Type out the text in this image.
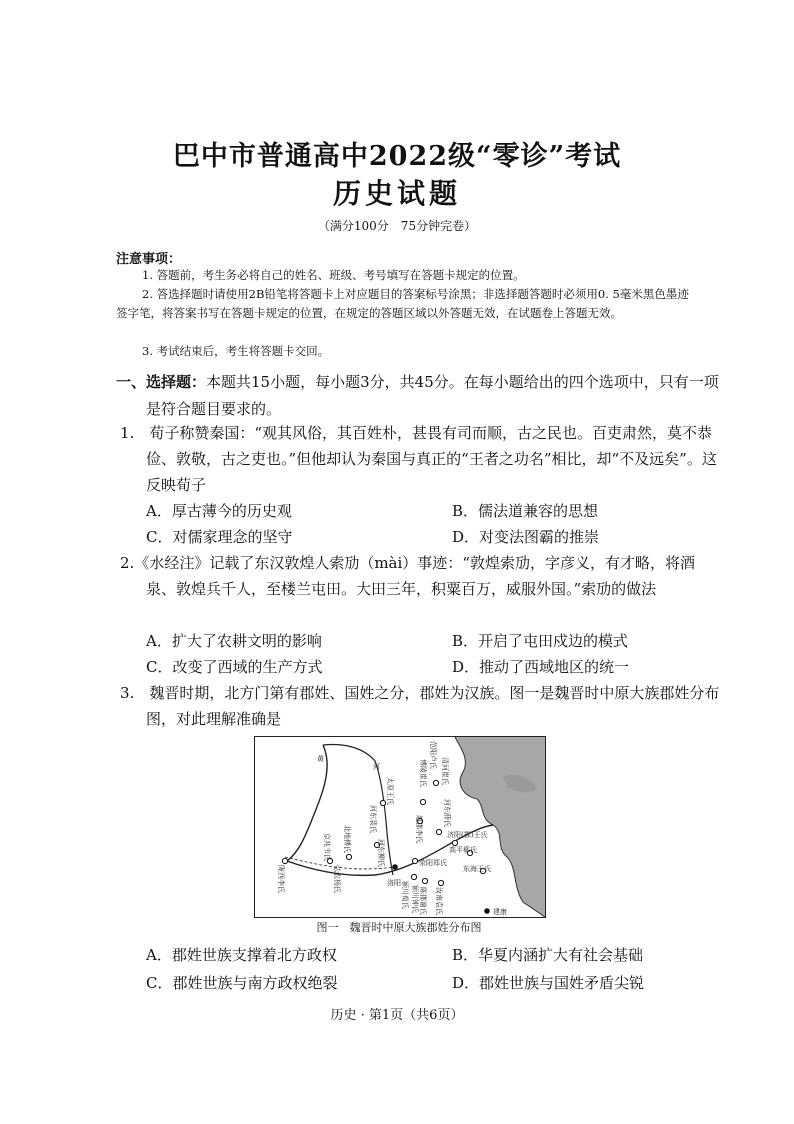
巴中市普通高中2022级“零诊”考试
历史试题
（满分100分　75分钟完卷）
注意事项：
1. 答题前，考生务必将自己的姓名、班级、考号填写在答题卡规定的位置。
2. 答选择题时请使用2B铅笔将答题卡上对应题目的答案标号涂黑；非选择题答题时必须用0. 5毫米黑色墨迹签字笔，将答案书写在答题卡规定的位置，在规定的答题区域以外答题无效，在试题卷上答题无效。
3. 考试结束后，考生将答题卡交回。
一、选择题：本题共15小题，每小题3分，共45分。在每小题给出的四个选项中，只有一项是符合题目要求的。
1.  荀子称赞秦国：“观其风俗，其百姓朴，甚畏有司而顺，古之民也。百吏肃然，莫不恭俭、敦敬，古之吏也。”但他却认为秦国与真正的“王者之功名”相比，却“不及远矣”。这反映荀子
A．厚古薄今的历史观	B．儒法道兼容的思想
C．对儒家理念的坚守	D．对变法图霸的推崇
2.《水经注》记载了东汉敦煌人索劢（mài）事迹：“敦煌索劢，字彦义，有才略，将酒泉、敦煌兵千人，至楼兰屯田。大田三年，积粟百万，威服外国。”索劢的做法
A．扩大了农耕文明的影响	B．开启了屯田戍边的模式
C．改变了西域的生产方式	D．推动了西域地区的统一
3.  魏晋时期，北方门第有郡姓、国姓之分，郡姓为汉族。图一是魏晋时中原大族郡姓分布图，对此理解准确是
黄
河	范阳卢氏
博陵崔氏 清河崔氏
赵郡李氏
太原王氏
河东裴氏
河东柳氏
河东薛氏
北地傅氏
陇西李氏
京兆韦氏
弘农杨氏	洛阳
荥阳郑氏
颍川荀氏 颍川钟氏 陈郡谢氏 汝南袁氏
济阳(郡)王氏
高平郗氏
东海王氏
建康
图一　魏晋时中原大族郡姓分布图
A．郡姓世族支撑着北方政权	B．华夏内涵扩大有社会基础
C．郡姓世族与南方政权绝裂	D．郡姓世族与国姓矛盾尖锐
历史 · 第1页（共6页）
